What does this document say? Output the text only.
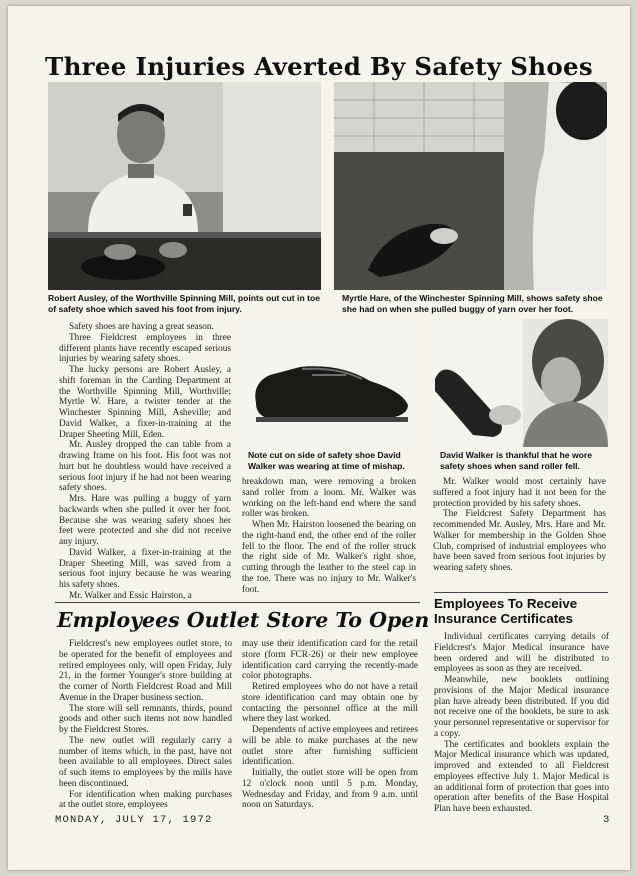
Three Injuries Averted By Safety Shoes
Robert Ausley, of the Worthville Spinning Mill, points out cut in toe of safety shoe which saved his foot from injury.
Myrtle Hare, of the Winchester Spinning Mill, shows safety shoe she had on when she pulled buggy of yarn over her foot.

Safety shoes are having a great season.

Three Fieldcrest employees in three different plants have recently escaped serious injuries by wearing safety shoes.

The lucky persons are Robert Ausley, a shift foreman in the Carding Department at the Worthville Spinning Mill, Worthville; Myrtle W. Hare, a twister tender at the Winchester Spinning Mill, Asheville; and David Walker, a fixer-in-training at the Draper Sheeting Mill, Eden.

Mr. Ausley dropped the can table from a drawing frame on his foot. His foot was not hurt but he doubtless would have received a serious foot injury if he had not been wearing safety shoes.

Mrs. Hare was pulling a buggy of yarn backwards when she pulled it over her foot. Because she was wearing safety shoes her feet were protected and she did not receive any injury.

David Walker, a fixer-in-training at the Draper Sheeting Mill, was saved from a serious foot injury because he was wearing his safety shoes.

Mr. Walker and Essic Hairston, a

Note cut on side of safety shoe David Walker was wearing at time of mishap.
David Walker is thankful that he wore safety shoes when sand roller fell.

breakdown man, were removing a broken sand roller from a loom. Mr. Walker was working on the left-hand end where the sand roller was broken.

When Mr. Hairston loosened the bearing on the right-hand end, the other end of the roller fell to the floor. The end of the roller struck the right side of Mr. Walker's right shoe, cutting through the leather to the steel cap in the toe. There was no injury to Mr. Walker's foot.

Mr. Walker would most certainly have suffered a foot injury had it not been for the protection provided by his safety shoes.

The Fieldcrest Safety Department has recommended Mr. Ausley, Mrs. Hare and Mr. Walker for membership in the Golden Shoe Club, comprised of industrial employees who have been saved from serious foot injuries by wearing safety shoes.

Employees Outlet Store To Open

Fieldcrest's new employees outlet store, to be operated for the benefit of employees and retired employees only, will open Friday, July 21, in the former Younger's store building at the corner of North Fieldcrest Road and Mill Avenue in the Draper business section.

The store will sell remnants, thirds, pound goods and other such items not now handled by the Fieldcrest Stores.

The new outlet will regularly carry a number of items which, in the past, have not been available to all employees. Direct sales of such items to employees by the mills have been discontinued.

For identification when making purchases at the outlet store, employees

may use their identification card for the retail store (form FCR-26) or their new employee identification card carrying the recently-made color photographs.

Retired employees who do not have a retail store identification card may obtain one by contacting the personnel office at the mill where they last worked.

Dependents of active employees and retirees will be able to make purchases at the new outlet store after furnishing sufficient identification.

Initially, the outlet store will be open from 12 o'clock noon until 5 p.m. Monday, Wednesday and Friday, and from 9 a.m. until noon on Saturdays.

Employees To Receive Insurance Certificates

Individual certificates carrying details of Fieldcrest's Major Medical insurance have been ordered and will be distributed to employees as soon as they are received.

Meanwhile, new booklets outlining provisions of the Major Medical insurance plan have already been distributed. If you did not receive one of the booklets, be sure to ask your personnel representative or supervisor for a copy.

The certificates and booklets explain the Major Medical insurance which was updated, improved and extended to all Fieldcrest employees effective July 1. Major Medical is an additional form of protection that goes into operation after benefits of the Base Hospital Plan have been exhausted.

MONDAY, JULY 17, 1972	3
